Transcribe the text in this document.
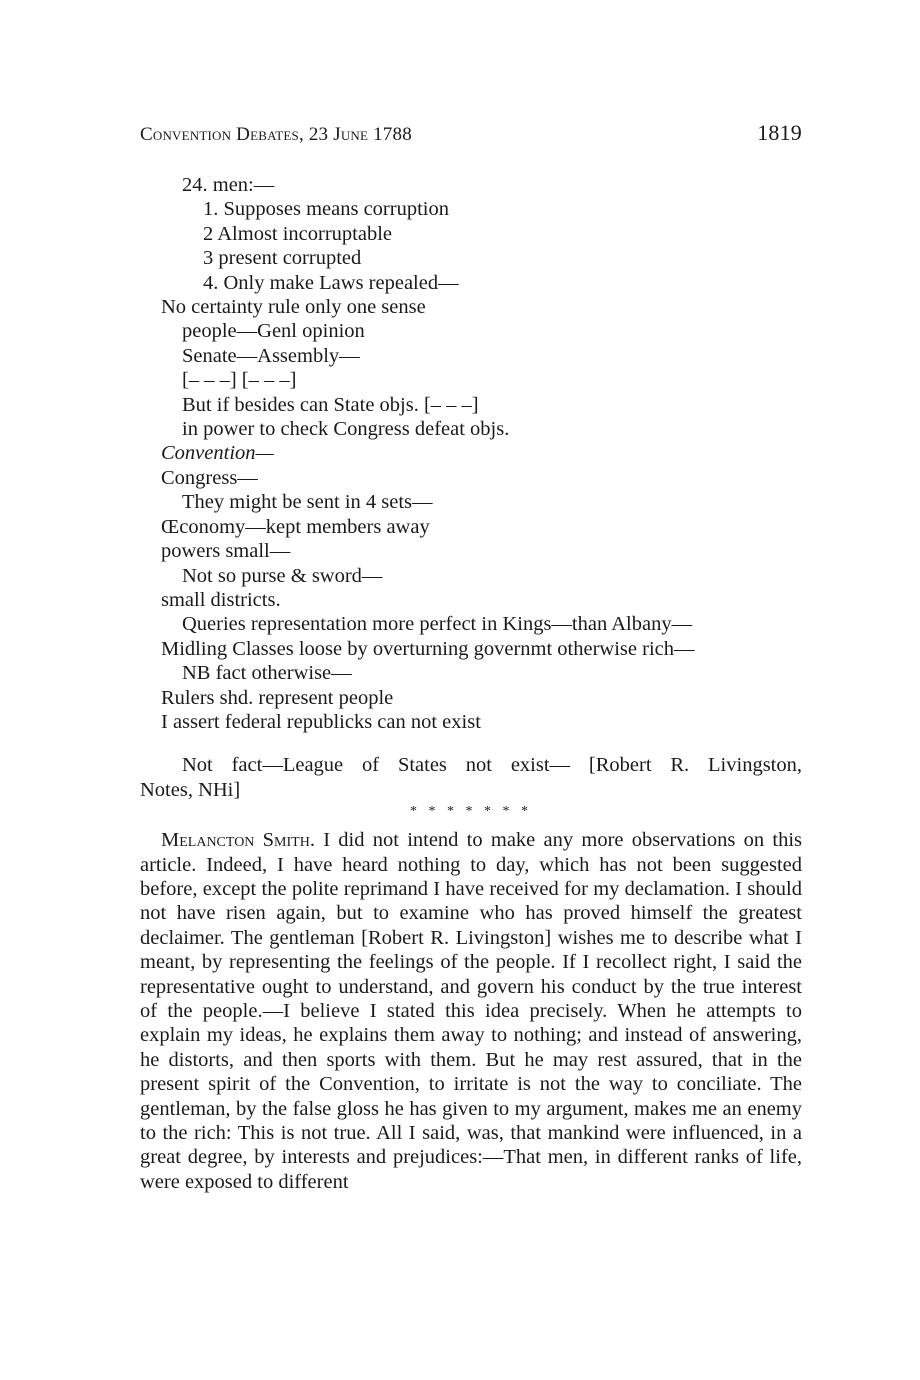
Convention Debates, 23 June 1788	1819
24. men:—
1. Supposes means corruption
2 Almost incorruptable
3 present corrupted
4. Only make Laws repealed—
No certainty rule only one sense
people—Genl opinion
Senate—Assembly—
[– – –] [– – –]
But if besides can State objs. [– – –]
in power to check Congress defeat objs.
Convention—
Congress—
They might be sent in 4 sets—
Œconomy—kept members away
powers small—
Not so purse & sword—
small districts.
Queries representation more perfect in Kings—than Albany—
Midling Classes loose by overturning governmt otherwise rich—
NB fact otherwise—
Rulers shd. represent people
I assert federal republicks can not exist
Not fact—League of States not exist— [Robert R. Livingston,
Notes, NHi]
* * * * * * *

Melancton Smith. I did not intend to make any more observations on this article. Indeed, I have heard nothing to day, which has not been suggested before, except the polite reprimand I have received for my declamation. I should not have risen again, but to examine who has proved himself the greatest declaimer. The gentleman [Robert R. Livingston] wishes me to describe what I meant, by representing the feelings of the people. If I recollect right, I said the representative ought to understand, and govern his conduct by the true interest of the people.—I believe I stated this idea precisely. When he attempts to explain my ideas, he explains them away to nothing; and instead of answering, he distorts, and then sports with them. But he may rest assured, that in the present spirit of the Convention, to irritate is not the way to conciliate. The gentleman, by the false gloss he has given to my argument, makes me an enemy to the rich: This is not true. All I said, was, that mankind were influenced, in a great degree, by interests and prejudices:—That men, in different ranks of life, were exposed to different
